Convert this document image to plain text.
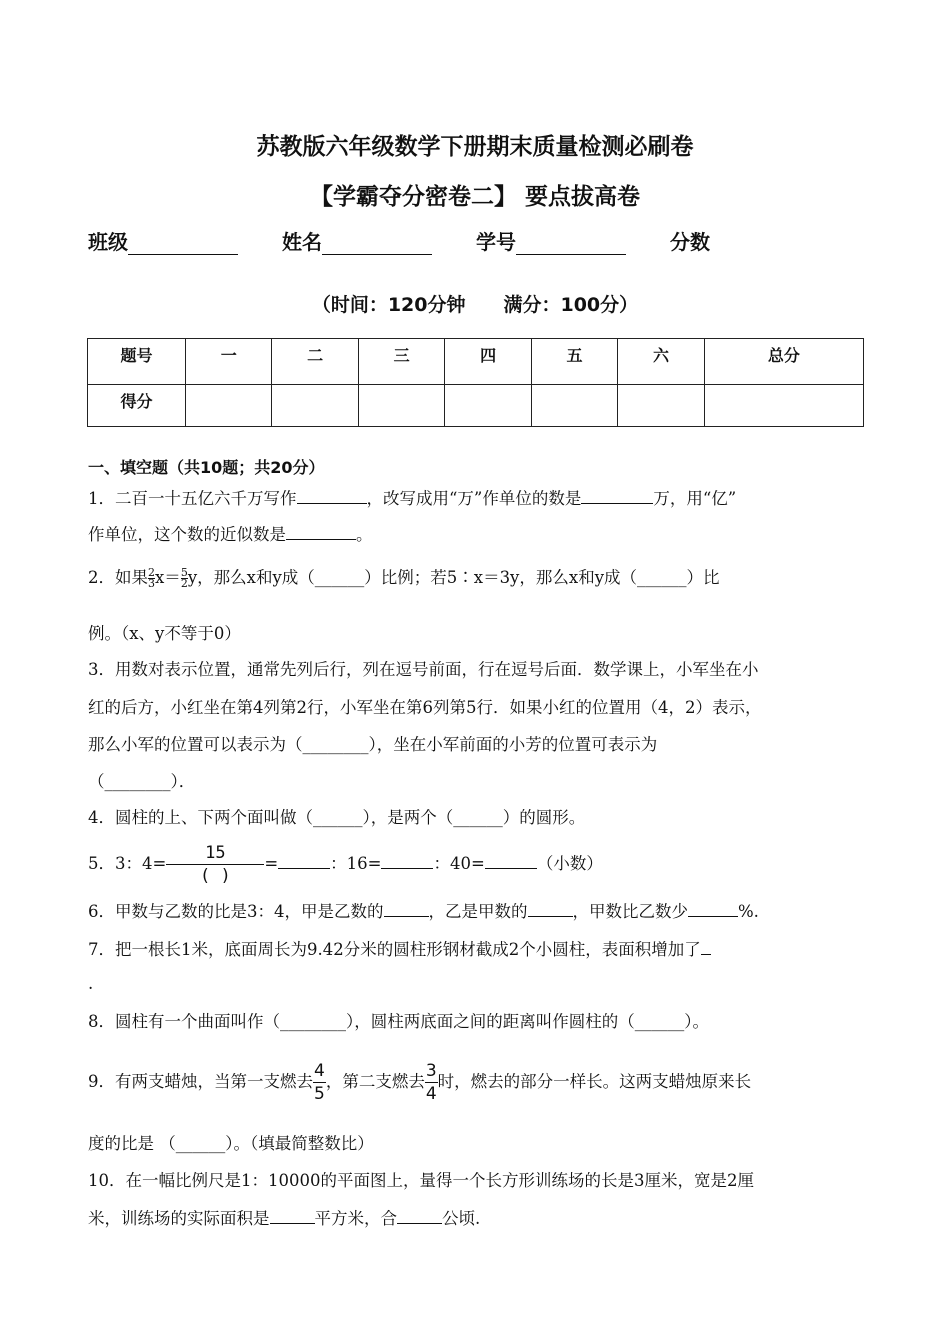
苏教版六年级数学下册期末质量检测必刷卷
【学霸夺分密卷二】 要点拔高卷
班级	姓名	学号	分数
（时间：120分钟　　满分：100分）
题号	一	二	三	四	五	六	总分
得分							
一、填空题（共10题；共20分）
1．二百一十五亿六千万写作	，改写成用“万”作单位的数是	万，用“亿”
作单位，这个数的近似数是	。
2．如果 $\frac{2}{3}x= \frac{5}{2}y$，那么x和y成（______）比例；若5∶x＝3y，那么x和y成（______）比
例。（x、y不等于0）
3．用数对表示位置，通常先列后行，列在逗号前面，行在逗号后面．数学课上，小军坐在小
红的后方，小红坐在第4列第2行，小军坐在第6列第5行．如果小红的位置用（4，2）表示，
那么小军的位置可以表示为（________），坐在小军前面的小芳的位置可表示为
（________）．
4．圆柱的上、下两个面叫做（______），是两个（______）的圆形。
5．3：4=
15
( )=	：16=	：40=	（小数）
6．甲数与乙数的比是3：4，甲是乙数的	，乙是甲数的	，甲数比乙数少	%.
7．把一根长1米，底面周长为9.42分米的圆柱形钢材截成2个小圆柱，表面积增加了
.
8．圆柱有一个曲面叫作（________），圆柱两底面之间的距离叫作圆柱的（______）。
9．有两支蜡烛，当第一支燃去 $\frac{4}{5}$，第二支燃去 $\frac{3}{4}$时，燃去的部分一样长。这两支蜡烛原来长
度的比是 （______）。（填最简整数比）
10．在一幅比例尺是1：10000的平面图上，量得一个长方形训练场的长是3厘米，宽是2厘
米，训练场的实际面积是	平方米，合	公顷.
